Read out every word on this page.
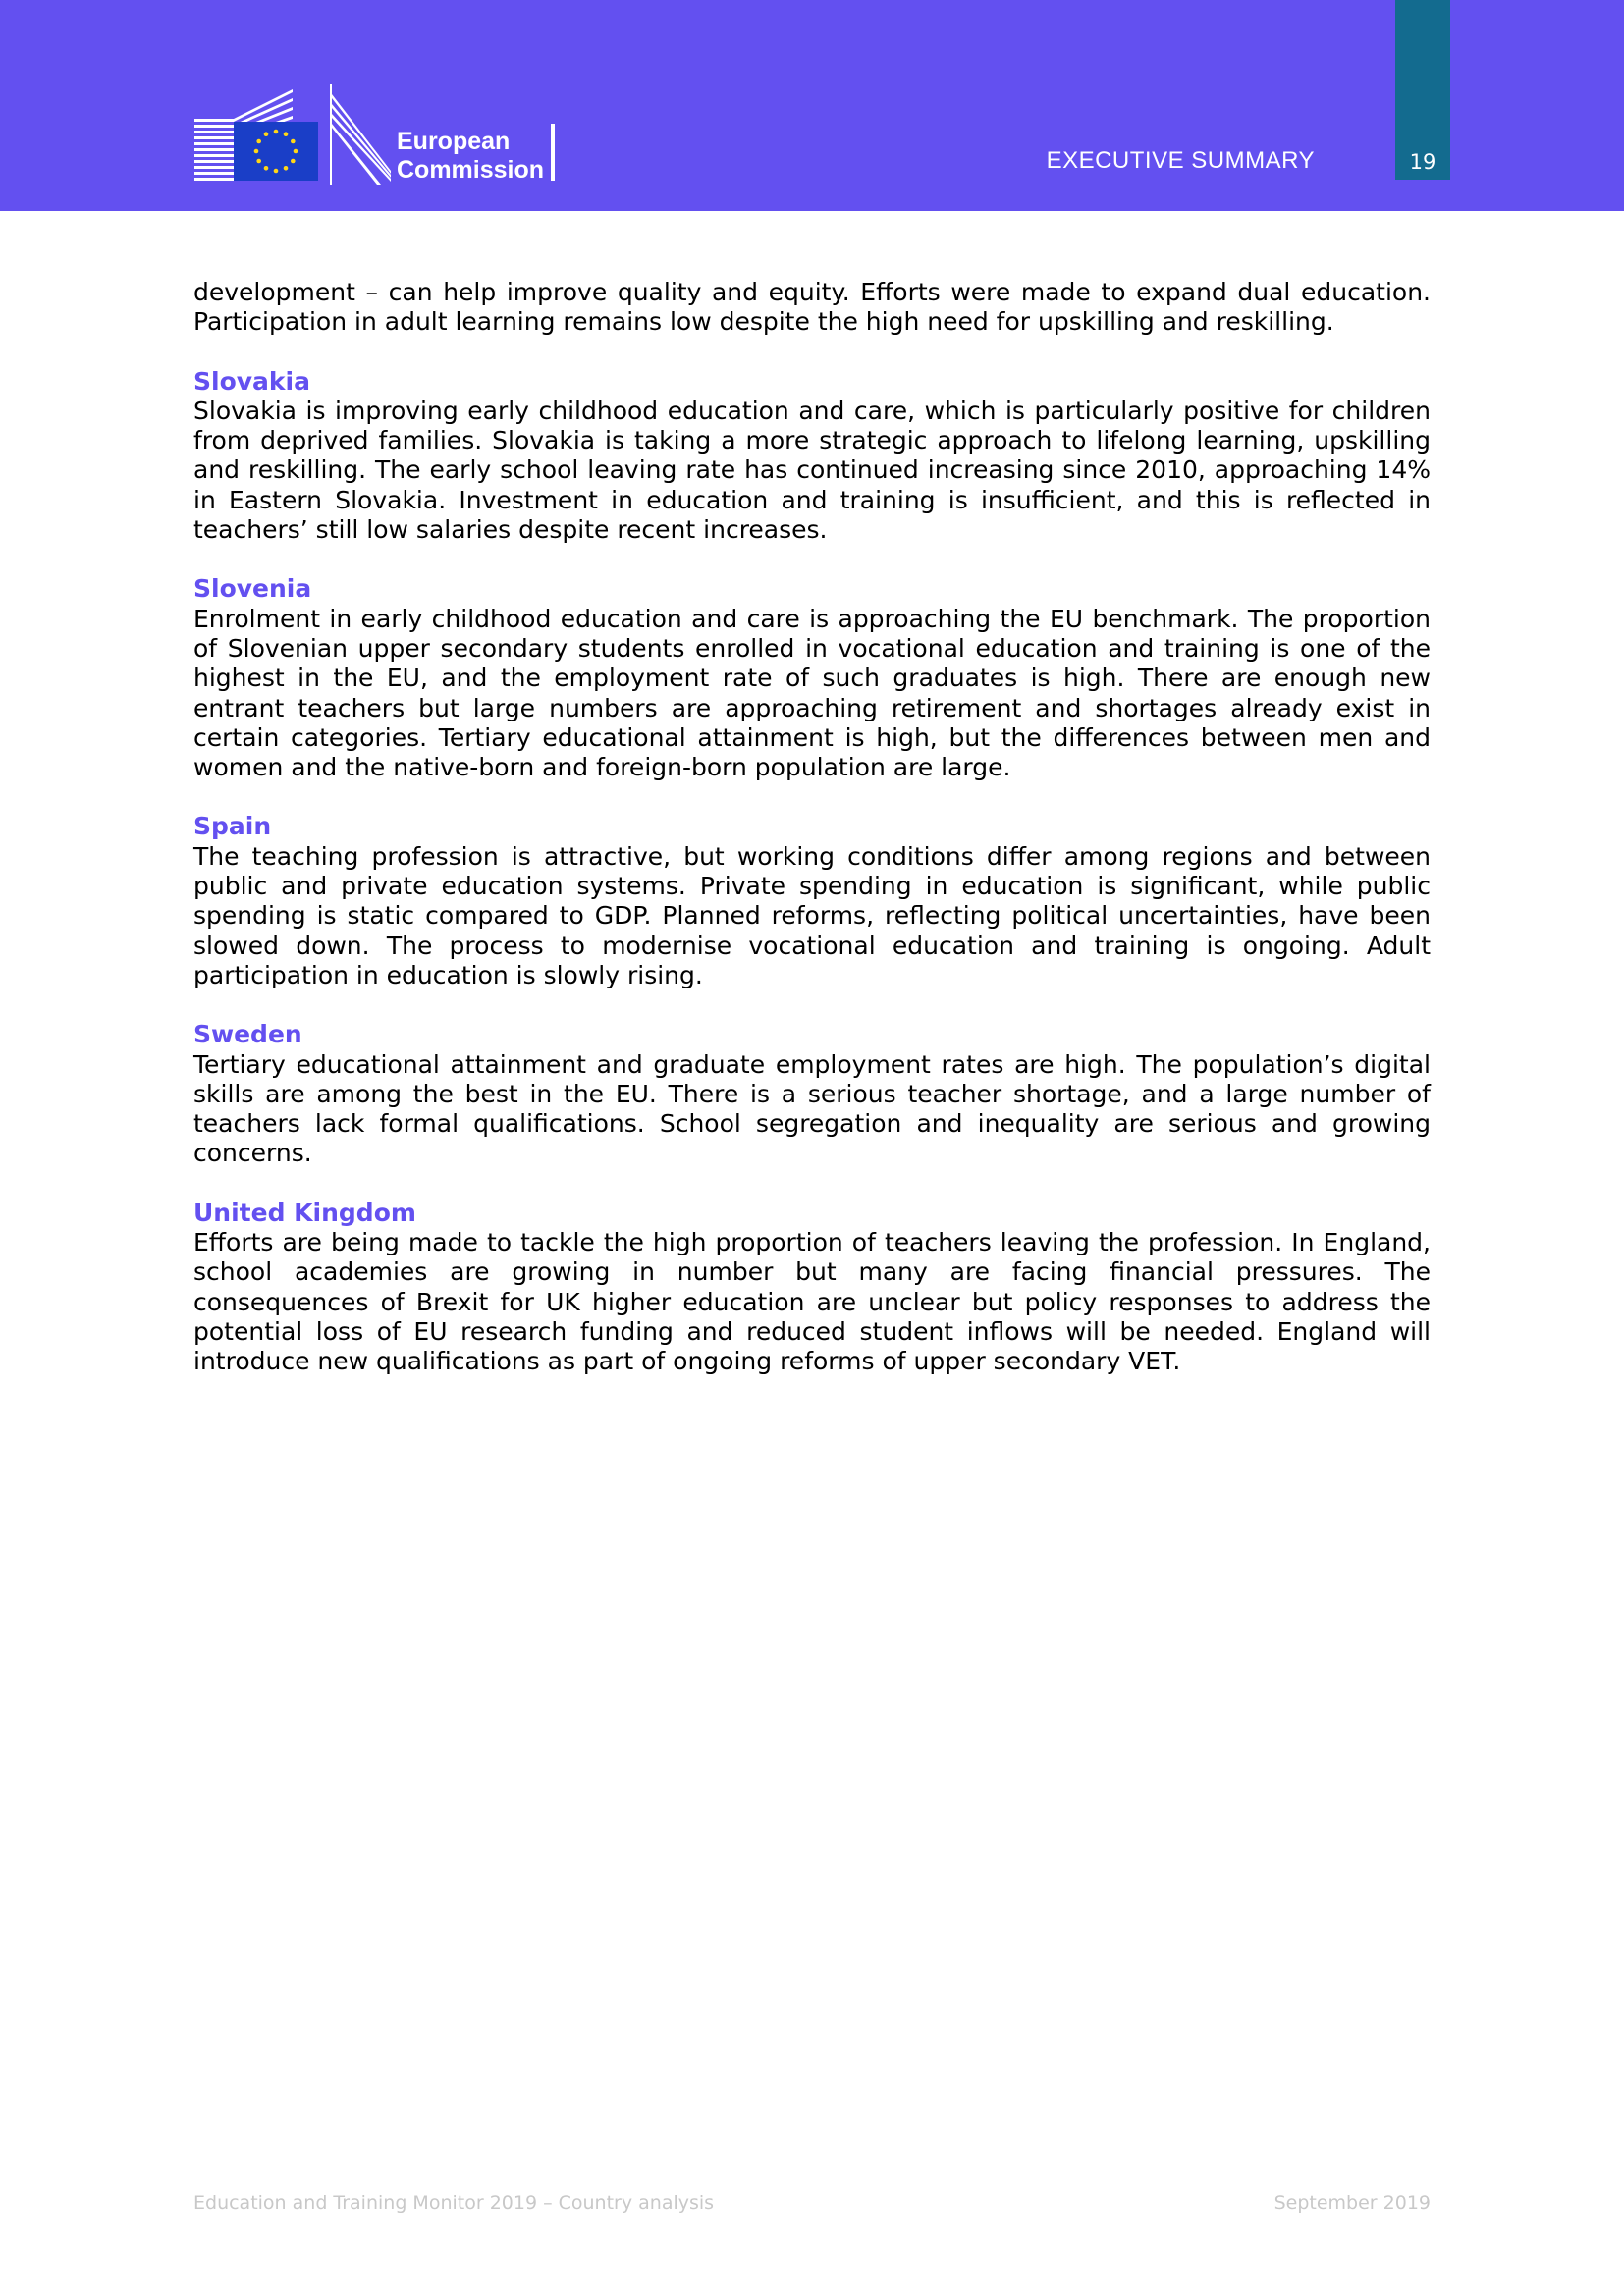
European
Commission	EXECUTIVE SUMMARY	19

development – can help improve quality and equity. Efforts were made to expand dual education. Participation in adult learning remains low despite the high need for upskilling and reskilling.

Slovakia

Slovakia is improving early childhood education and care, which is particularly positive for children from deprived families. Slovakia is taking a more strategic approach to lifelong learning, upskilling and reskilling. The early school leaving rate has continued increasing since 2010, approaching 14% in Eastern Slovakia. Investment in education and training is insufficient, and this is reflected in teachers’ still low salaries despite recent increases.

Slovenia

Enrolment in early childhood education and care is approaching the EU benchmark. The proportion of Slovenian upper secondary students enrolled in vocational education and training is one of the highest in the EU, and the employment rate of such graduates is high. There are enough new entrant teachers but large numbers are approaching retirement and shortages already exist in certain categories. Tertiary educational attainment is high, but the differences between men and women and the native-born and foreign-born population are large.

Spain

The teaching profession is attractive, but working conditions differ among regions and between public and private education systems. Private spending in education is significant, while public spending is static compared to GDP. Planned reforms, reflecting political uncertainties, have been slowed down. The process to modernise vocational education and training is ongoing. Adult participation in education is slowly rising.

Sweden

Tertiary educational attainment and graduate employment rates are high. The population’s digital skills are among the best in the EU. There is a serious teacher shortage, and a large number of teachers lack formal qualifications. School segregation and inequality are serious and growing concerns.

United Kingdom

Efforts are being made to tackle the high proportion of teachers leaving the profession. In England, school academies are growing in number but many are facing financial pressures. The consequences of Brexit for UK higher education are unclear but policy responses to address the potential loss of EU research funding and reduced student inflows will be needed. England will introduce new qualifications as part of ongoing reforms of upper secondary VET.

Education and Training Monitor 2019 – Country analysis	September 2019
